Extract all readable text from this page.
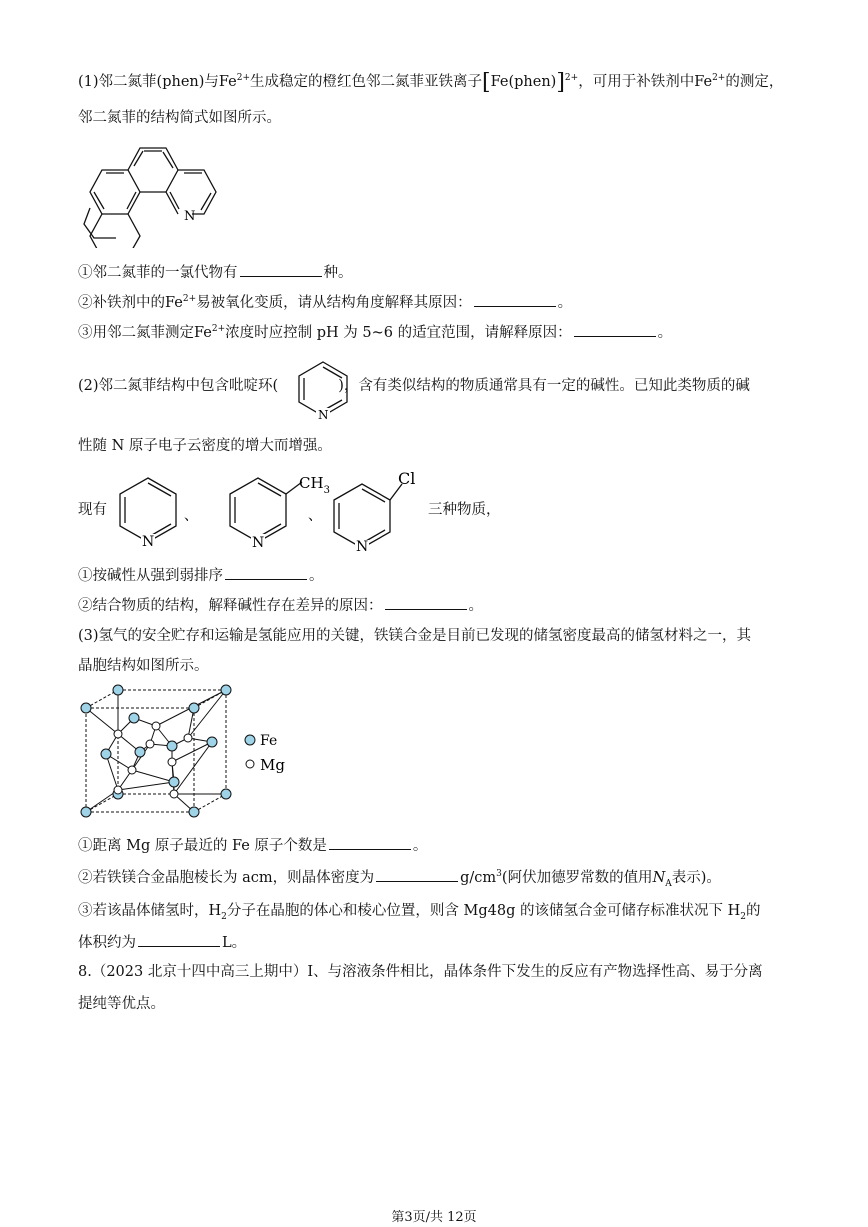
(1)邻二氮菲(phen)与$Fe^{2+}$生成稳定的橙红色邻二氮菲亚铁离子[Fe(phen)]$^{2+}$，可用于补铁剂中$Fe^{2+}$的测定，
邻二氮菲的结构简式如图所示。
N
①邻二氮菲的一氯代物有	种。
②补铁剂中的$Fe^{2+}$易被氧化变质，请从结构角度解释其原因：	。
③用邻二氮菲测定$Fe^{2+}$浓度时应控制 pH 为 5~6 的适宜范围，请解释原因：	。
(2)邻二氮菲结构中包含吡啶环(	)，含有类似结构的物质通常具有一定的碱性。已知此类物质的碱
N
性随 N 原子电子云密度的增大而增强。
现有
N
、
N
$CH_3$
、
N
Cl
三种物质，
①按碱性从强到弱排序	。
②结合物质的结构，解释碱性存在差异的原因：	。
(3)氢气的安全贮存和运输是氢能应用的关键，铁镁合金是目前已发现的储氢密度最高的储氢材料之一，其
晶胞结构如图所示。
Fe
Mg
①距离 Mg 原子最近的 Fe 原子个数是	。
②若铁镁合金晶胞棱长为 acm，则晶体密度为	$g/cm^3$(阿伏加德罗常数的值用$N_A$表示)。
③若该晶体储氢时，$H_2$分子在晶胞的体心和棱心位置，则含 Mg48g 的该储氢合金可储存标准状况下 $H_2$的
体积约为	L。
8.（2023 北京十四中高三上期中）I、与溶液条件相比，晶体条件下发生的反应有产物选择性高、易于分离
提纯等优点。
第3页/共 12页
